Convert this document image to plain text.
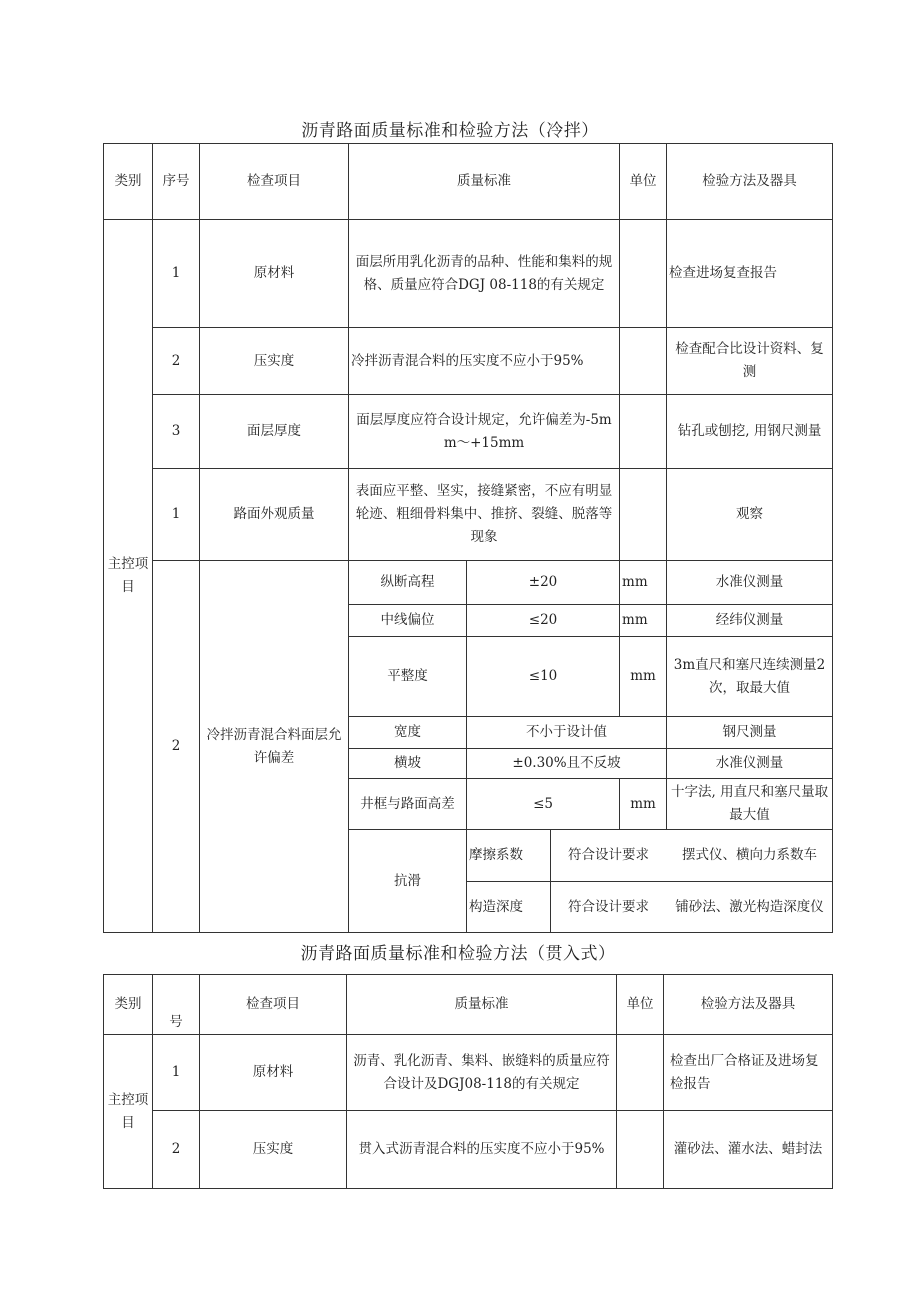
沥青路面质量标准和检验方法（冷拌）
类别	序号	检查项目	质量标准			单位	检验方法及器具
主控项目	1	原材料	面层所用乳化沥青的品种、性能和集料的规格、质量应符合DGJ 08-118的有关规定				检查进场复查报告
	2	压实度	冷拌沥青混合料的压实度不应小于95%				检查配合比设计资料、复测
	3	面层厚度	面层厚度应符合设计规定，允许偏差为-5mm～+15mm				钻孔或刨挖, 用钢尺测量
	1	路面外观质量	表面应平整、坚实，接缝紧密，不应有明显轮迹、粗细骨料集中、推挤、裂缝、脱落等现象				观察
	2	冷拌沥青混合料面层允许偏差	纵断高程	±20		mm	水准仪测量
			中线偏位	≤20		mm	经纬仪测量
			平整度	≤10		mm	3m直尺和塞尺连续测量2次，取最大值
			宽度	不小于设计值			钢尺测量
			横坡	±0.30%且不反坡			水准仪测量
			井框与路面高差	≤5		mm	十字法, 用直尺和塞尺量取最大值
			抗滑	摩擦系数	符合设计要求		摆式仪、横向力系数车
				构造深度	符合设计要求		铺砂法、激光构造深度仪
沥青路面质量标准和检验方法（贯入式）
类别	号	检查项目	质量标准	单位	检验方法及器具
主控项目	1	原材料	沥青、乳化沥青、集料、嵌缝料的质量应符合设计及DGJ08-118的有关规定		检查出厂合格证及进场复检报告
	2	压实度	贯入式沥青混合料的压实度不应小于95%		灌砂法、灌水法、蜡封法
